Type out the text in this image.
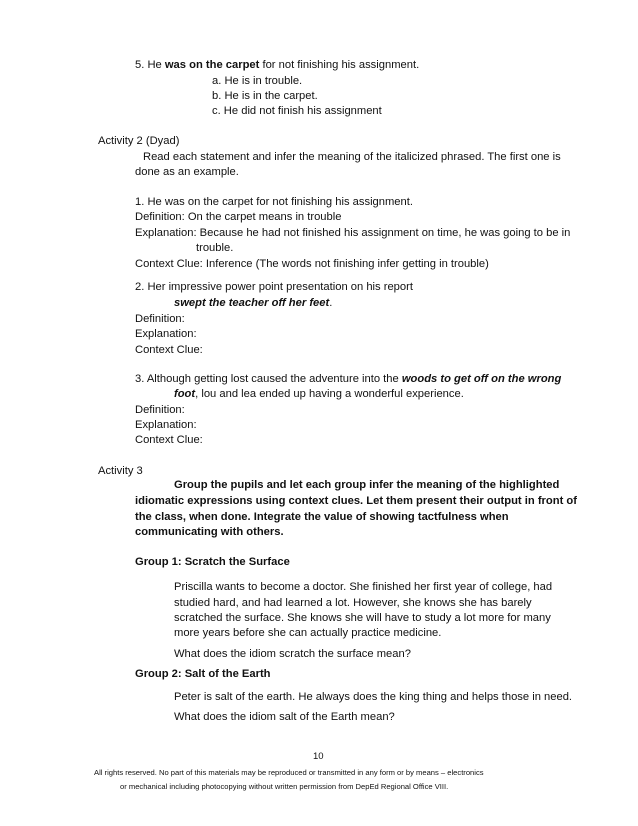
5. He was on the carpet for not finishing his assignment.
a. He is in trouble.
b. He is in the carpet.
c. He did not finish his assignment
Activity 2 (Dyad)
Read each statement and infer the meaning of the italicized phrased. The first one is
done as an example.
1. He was on the carpet for not finishing his assignment.
Definition: On the carpet means in trouble
Explanation: Because he had not finished his assignment on time, he was going to be in
trouble.
Context Clue: Inference (The words not finishing infer getting in trouble)
2. Her impressive power point presentation on his report
swept the teacher off her feet.
Definition:
Explanation:
Context Clue:
3. Although getting lost caused the adventure into the woods to get off on the wrong
foot, lou and lea ended up having a wonderful experience.
Definition:
Explanation:
Context Clue:
Activity 3
Group the pupils and let each group infer the meaning of the highlighted
idiomatic expressions using context clues. Let them present their output in front of
the class, when done. Integrate the value of showing tactfulness when
communicating with others.
Group 1: Scratch the Surface
Priscilla wants to become a doctor. She finished her first year of college, had
studied hard, and had learned a lot. However, she knows she has barely
scratched the surface. She knows she will have to study a lot more for many
more years before she can actually practice medicine.
What does the idiom scratch the surface mean?
Group 2: Salt of the Earth
Peter is salt of the earth. He always does the king thing and helps those in need.
What does the idiom salt of the Earth mean?
10
All rights reserved. No part of this materials may be reproduced or transmitted in any form or by means – electronics
or mechanical including photocopying without written permission from DepEd Regional Office VIII.
